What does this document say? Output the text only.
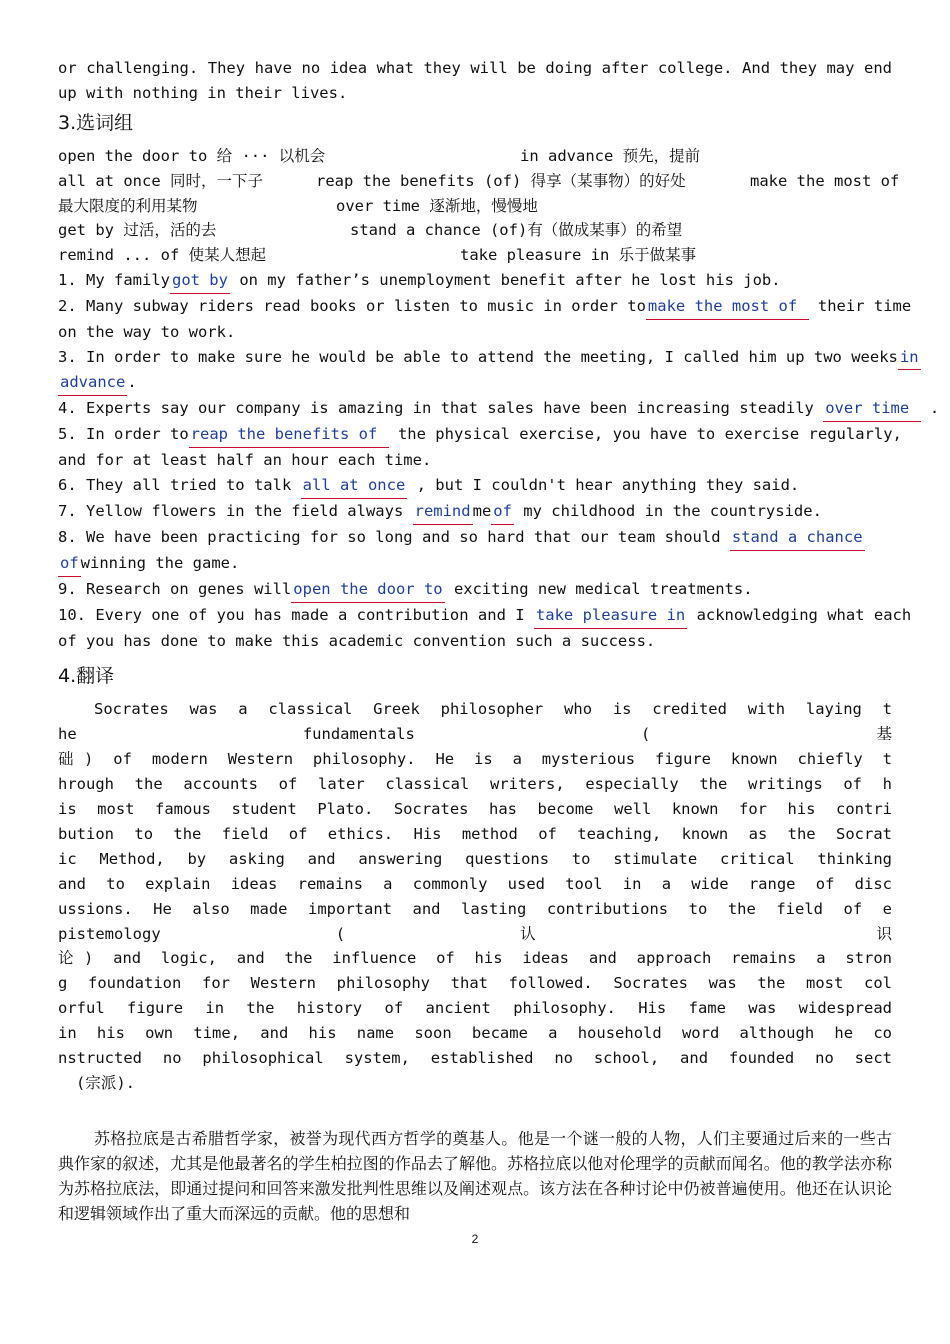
or challenging. They have no idea what they will be doing after college. And they may end
up with nothing in their lives.
3.选词组
open the door to 给 ··· 以机会	in advance 预先，提前
all at once 同时，一下子	reap the benefits (of) 得享（某事物）的好处	make the most of
最大限度的利用某物	over time 逐渐地，慢慢地
get by 过活，活的去	stand a chance (of)有（做成某事）的希望
remind ... of 使某人想起	take pleasure in 乐于做某事
1. My family got by on my father’s unemployment benefit after he lost his job.
2. Many subway riders read books or listen to music in order to make the most of  their time
on the way to work.
3. In order to make sure he would be able to attend the meeting, I called him up two weeks in
advance .
4. Experts say our company is amazing in that sales have been increasing steadily over time  .
5. In order to reap the benefits of  the physical exercise, you have to exercise regularly,
and for at least half an hour each time.
6. They all tried to talk all at once , but I couldn't hear anything they said.
7. Yellow flowers in the field always remind me of my childhood in the countryside.
8. We have been practicing for so long and so hard that our team should stand a chance
of winning the game.
9. Research on genes will open the door to exciting new medical treatments.
10. Every one of you has made a contribution and I take pleasure in acknowledging what each
of you has done to make this academic convention such a success.
4.翻译
Socrates was a classical Greek philosopher who is credited with laying t
he fundamentals ( 基
础) of modern Western philosophy. He is a mysterious figure known chiefly t
hrough the accounts of later classical writers, especially the writings of h
is most famous student Plato. Socrates has become well known for his contri
bution to the field of ethics. His method of teaching, known as the Socrat
ic Method, by asking and answering questions to stimulate critical thinking
and to explain ideas remains a commonly used tool in a wide range of disc
ussions. He also made important and lasting contributions to the field of e
pistemology ( 认 识
论) and logic, and the influence of his ideas and approach remains a stron
g foundation for Western philosophy that followed. Socrates was the most col
orful figure in the history of ancient philosophy. His fame was widespread
in his own time, and his name soon became a household word although he co
nstructed no philosophical system, established no school, and founded no sect
(宗派).
苏格拉底是古希腊哲学家，被誉为现代西方哲学的奠基人。他是一个谜一般的人物，人们主要通过后来的一些古典作家的叙述，尤其是他最著名的学生柏拉图的作品去了解他。苏格拉底以他对伦理学的贡献而闻名。他的教学法亦称为苏格拉底法，即通过提问和回答来激发批判性思维以及阐述观点。该方法在各种讨论中仍被普遍使用。他还在认识论和逻辑领域作出了重大而深远的贡献。他的思想和
2
